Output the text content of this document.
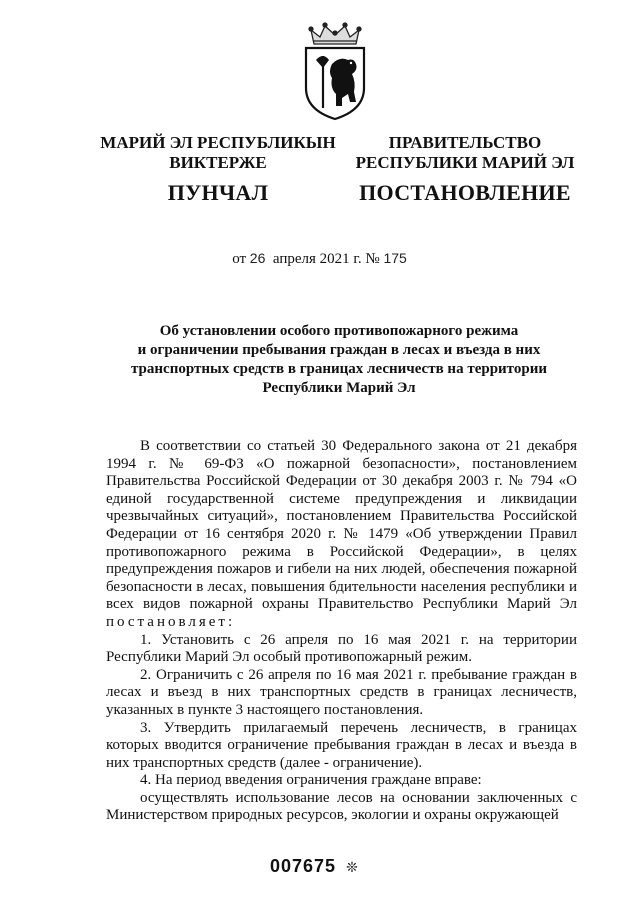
МАРИЙ ЭЛ РЕСПУБЛИКЫН
ВИКТЕРЖЕ
ПУНЧАЛ
ПРАВИТЕЛЬСТВО
РЕСПУБЛИКИ МАРИЙ ЭЛ
ПОСТАНОВЛЕНИЕ
от 26 апреля 2021 г. № 175
Об установлении особого противопожарного режима
и ограничении пребывания граждан в лесах и въезда в них
транспортных средств в границах лесничеств на территории
Республики Марий Эл

В соответствии со статьей 30 Федерального закона от 21 декабря 1994 г. № 69-ФЗ «О пожарной безопасности», постановлением Правительства Российской Федерации от 30 декабря 2003 г. № 794 «О единой государственной системе предупреждения и ликвидации чрезвычайных ситуаций», постановлением Правительства Российской Федерации от 16 сентября 2020 г. № 1479 «Об утверждении Правил противопожарного режима в Российской Федерации», в целях предупреждения пожаров и гибели на них людей, обеспечения пожарной безопасности в лесах, повышения бдительности населения республики и всех видов пожарной охраны Правительство Республики Марий Эл постановляет:

1. Установить с 26 апреля по 16 мая 2021 г. на территории Республики Марий Эл особый противопожарный режим.

2. Ограничить с 26 апреля по 16 мая 2021 г. пребывание граждан в лесах и въезд в них транспортных средств в границах лесничеств, указанных в пункте 3 настоящего постановления.

3. Утвердить прилагаемый перечень лесничеств, в границах которых вводится ограничение пребывания граждан в лесах и въезда в них транспортных средств (далее - ограничение).

4. На период введения ограничения граждане вправе:

осуществлять использование лесов на основании заключенных с Министерством природных ресурсов, экологии и охраны окружающей

007675 ❊
